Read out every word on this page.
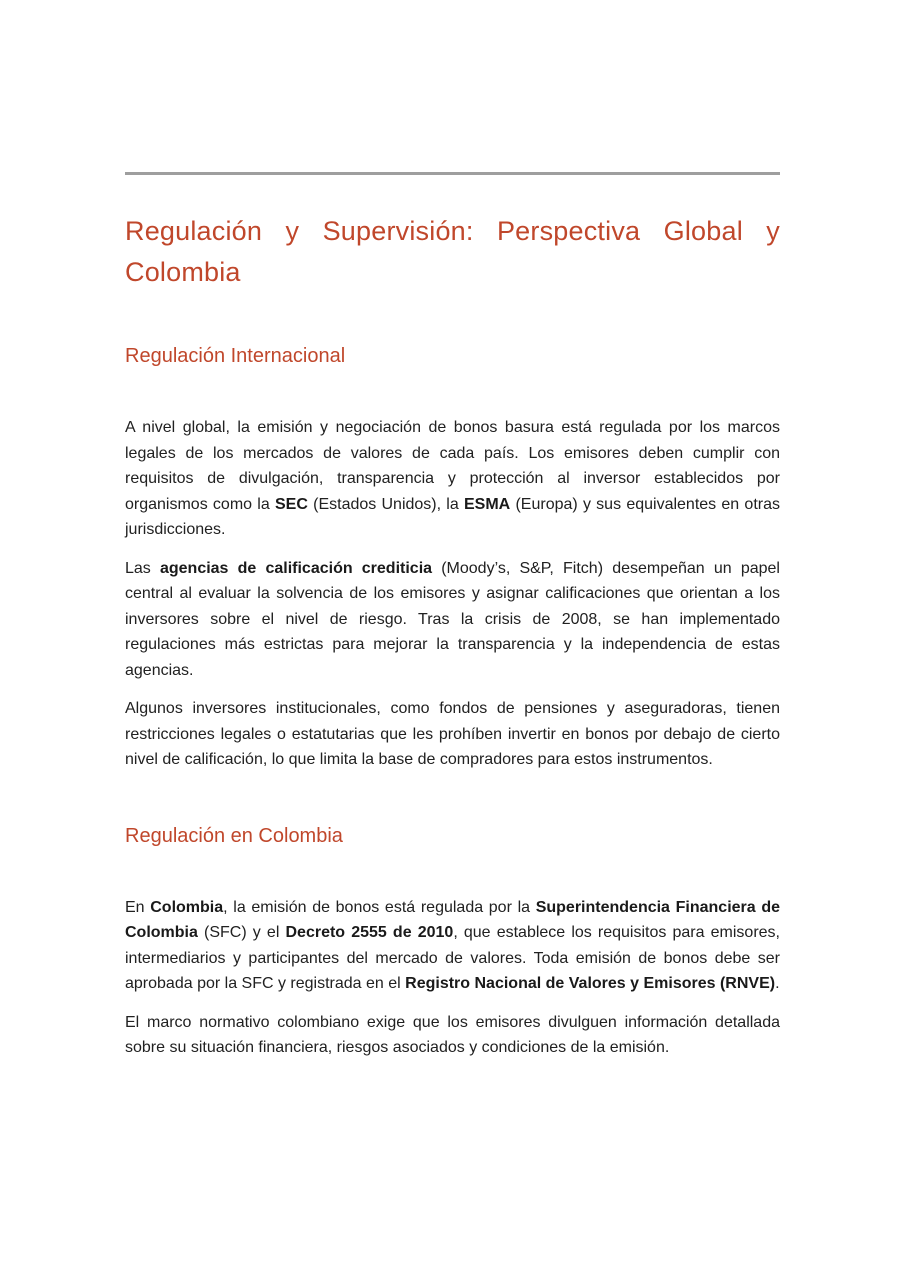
Regulación y Supervisión: Perspectiva Global y Colombia
Regulación Internacional

A nivel global, la emisión y negociación de bonos basura está regulada por los marcos legales de los mercados de valores de cada país. Los emisores deben cumplir con requisitos de divulgación, transparencia y protección al inversor establecidos por organismos como la SEC (Estados Unidos), la ESMA (Europa) y sus equivalentes en otras jurisdicciones.

Las agencias de calificación crediticia (Moody’s, S&P, Fitch) desempeñan un papel central al evaluar la solvencia de los emisores y asignar calificaciones que orientan a los inversores sobre el nivel de riesgo. Tras la crisis de 2008, se han implementado regulaciones más estrictas para mejorar la transparencia y la independencia de estas agencias.

Algunos inversores institucionales, como fondos de pensiones y aseguradoras, tienen restricciones legales o estatutarias que les prohíben invertir en bonos por debajo de cierto nivel de calificación, lo que limita la base de compradores para estos instrumentos.

Regulación en Colombia

En Colombia, la emisión de bonos está regulada por la Superintendencia Financiera de Colombia (SFC) y el Decreto 2555 de 2010, que establece los requisitos para emisores, intermediarios y participantes del mercado de valores. Toda emisión de bonos debe ser aprobada por la SFC y registrada en el Registro Nacional de Valores y Emisores (RNVE).

El marco normativo colombiano exige que los emisores divulguen información detallada sobre su situación financiera, riesgos asociados y condiciones de la emisión.
